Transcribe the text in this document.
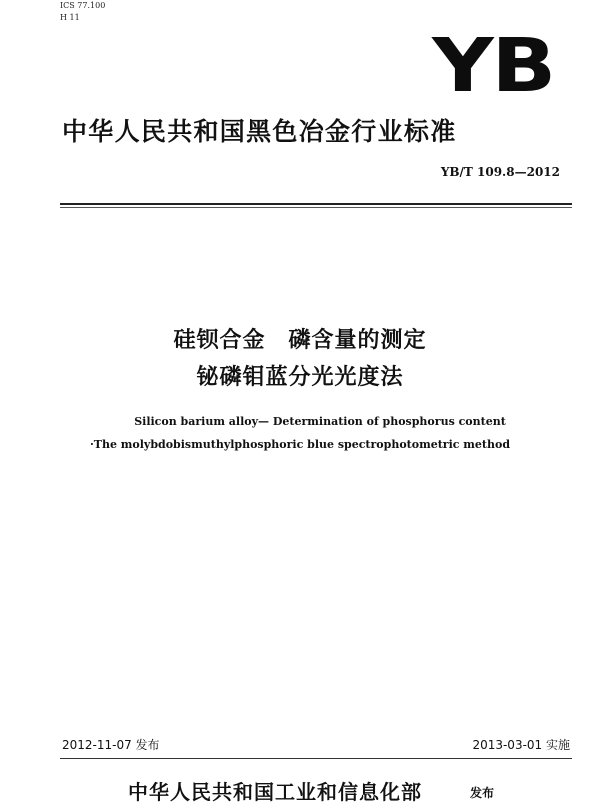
ICS 77.100
H 11
YB
中华人民共和国黑色冶金行业标准
YB/T 109.8—2012
硅钡合金　磷含量的测定
铋磷钼蓝分光光度法
Silicon barium alloy— Determination of phosphorus content
·The molybdobismuthylphosphoric blue spectrophotometric method
2012-11-07 发布	2013-03-01 实施
中华人民共和国工业和信息化部	发布
